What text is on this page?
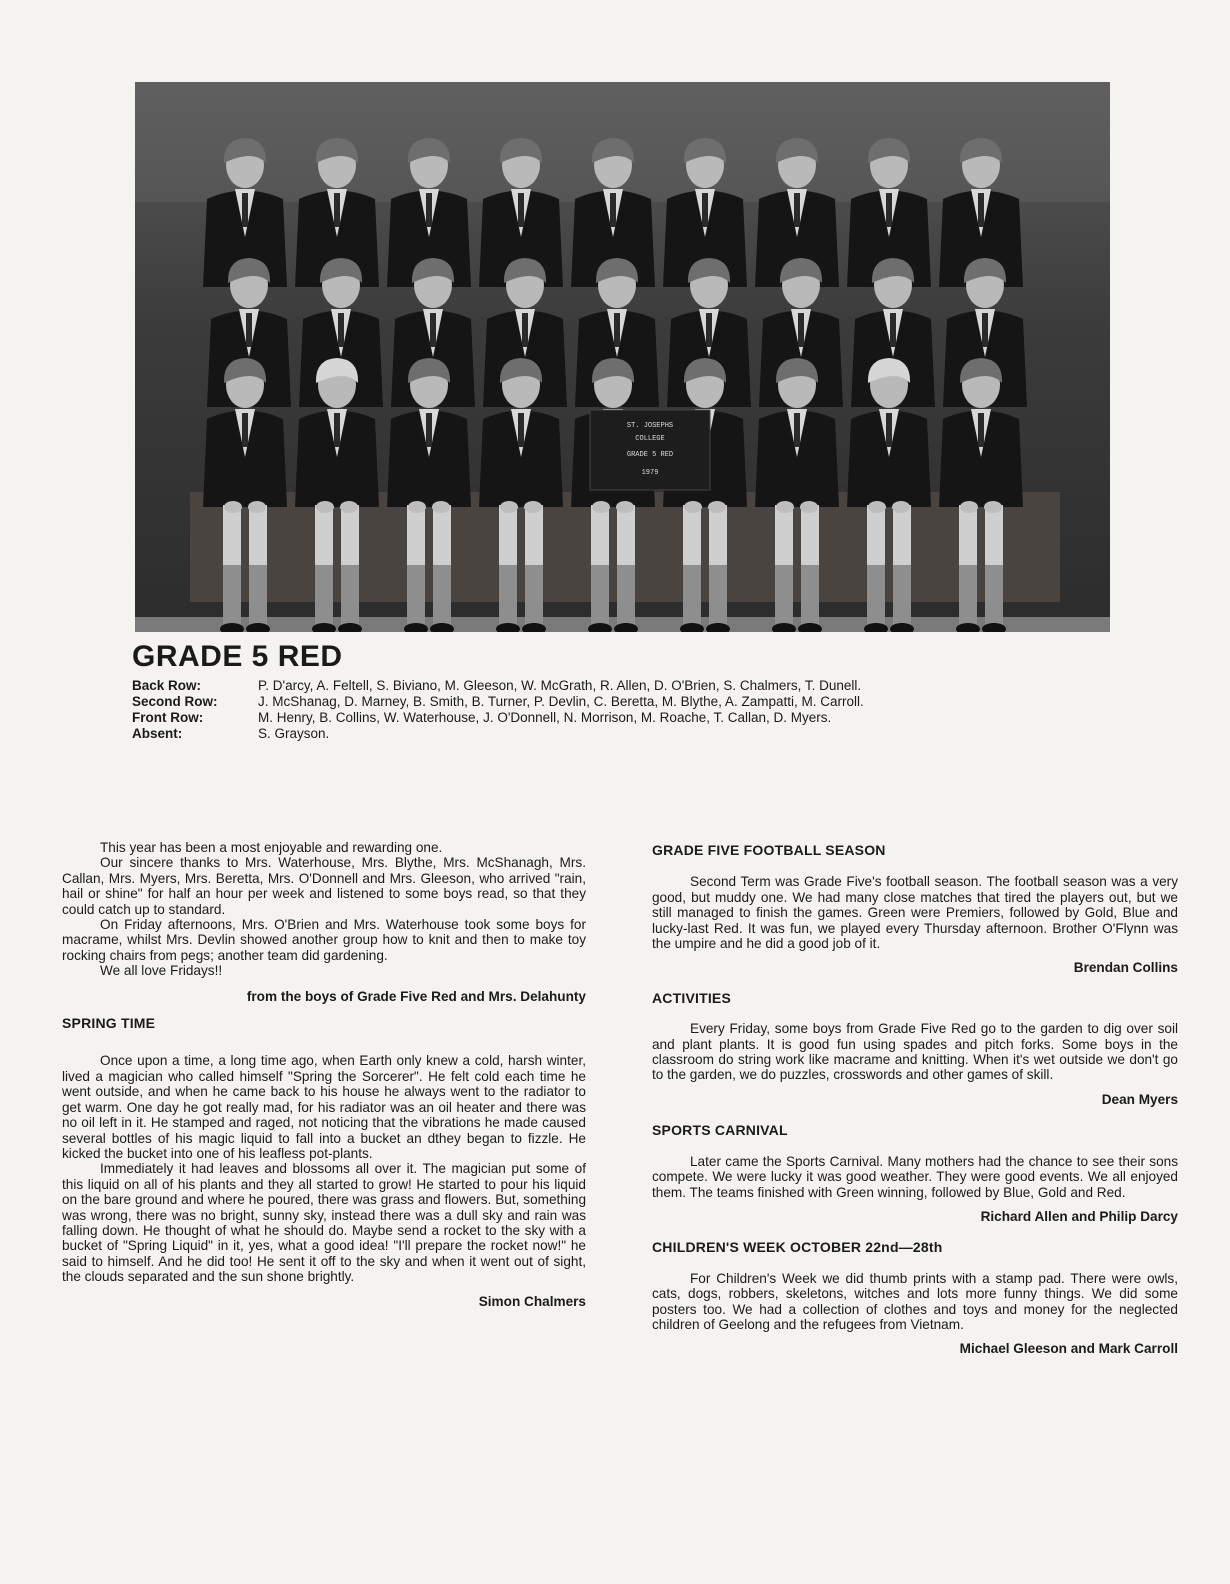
ST. JOSEPHS
COLLEGE
GRADE 5 RED
1979
GRADE 5 RED
Back Row:	P. D'arcy, A. Feltell, S. Biviano, M. Gleeson, W. McGrath, R. Allen, D. O'Brien, S. Chalmers, T. Dunell.
Second Row:	J. McShanag, D. Marney, B. Smith, B. Turner, P. Devlin, C. Beretta, M. Blythe, A. Zampatti, M. Carroll.
Front Row:	M. Henry, B. Collins, W. Waterhouse, J. O'Donnell, N. Morrison, M. Roache, T. Callan, D. Myers.
Absent:	S. Grayson.

This year has been a most enjoyable and rewarding one.

Our sincere thanks to Mrs. Waterhouse, Mrs. Blythe, Mrs. McShanagh, Mrs. Callan, Mrs. Myers, Mrs. Beretta, Mrs. O'Donnell and Mrs. Gleeson, who arrived "rain, hail or shine" for half an hour per week and listened to some boys read, so that they could catch up to standard.

On Friday afternoons, Mrs. O'Brien and Mrs. Waterhouse took some boys for macrame, whilst Mrs. Devlin showed another group how to knit and then to make toy rocking chairs from pegs; another team did gardening.

We all love Fridays!!

from the boys of Grade Five Red and Mrs. Delahunty
SPRING TIME

Once upon a time, a long time ago, when Earth only knew a cold, harsh winter, lived a magician who called himself "Spring the Sorcerer". He felt cold each time he went outside, and when he came back to his house he always went to the radiator to get warm. One day he got really mad, for his radiator was an oil heater and there was no oil left in it. He stamped and raged, not noticing that the vibrations he made caused several bottles of his magic liquid to fall into a bucket an dthey began to fizzle. He kicked the bucket into one of his leafless pot-plants.

Immediately it had leaves and blossoms all over it. The magician put some of this liquid on all of his plants and they all started to grow! He started to pour his liquid on the bare ground and where he poured, there was grass and flowers. But, something was wrong, there was no bright, sunny sky, instead there was a dull sky and rain was falling down. He thought of what he should do. Maybe send a rocket to the sky with a bucket of "Spring Liquid" in it, yes, what a good idea! "I'll prepare the rocket now!" he said to himself. And he did too! He sent it off to the sky and when it went out of sight, the clouds separated and the sun shone brightly.

Simon Chalmers
GRADE FIVE FOOTBALL SEASON

Second Term was Grade Five's football season. The football season was a very good, but muddy one. We had many close matches that tired the players out, but we still managed to finish the games. Green were Premiers, followed by Gold, Blue and lucky-last Red. It was fun, we played every Thursday afternoon. Brother O'Flynn was the umpire and he did a good job of it.

Brendan Collins
ACTIVITIES

Every Friday, some boys from Grade Five Red go to the garden to dig over soil and plant plants. It is good fun using spades and pitch forks. Some boys in the classroom do string work like macrame and knitting. When it's wet outside we don't go to the garden, we do puzzles, crosswords and other games of skill.

Dean Myers
SPORTS CARNIVAL

Later came the Sports Carnival. Many mothers had the chance to see their sons compete. We were lucky it was good weather. They were good events. We all enjoyed them. The teams finished with Green winning, followed by Blue, Gold and Red.

Richard Allen and Philip Darcy
CHILDREN'S WEEK OCTOBER 22nd—28th

For Children's Week we did thumb prints with a stamp pad. There were owls, cats, dogs, robbers, skeletons, witches and lots more funny things. We did some posters too. We had a collection of clothes and toys and money for the neglected children of Geelong and the refugees from Vietnam.

Michael Gleeson and Mark Carroll
